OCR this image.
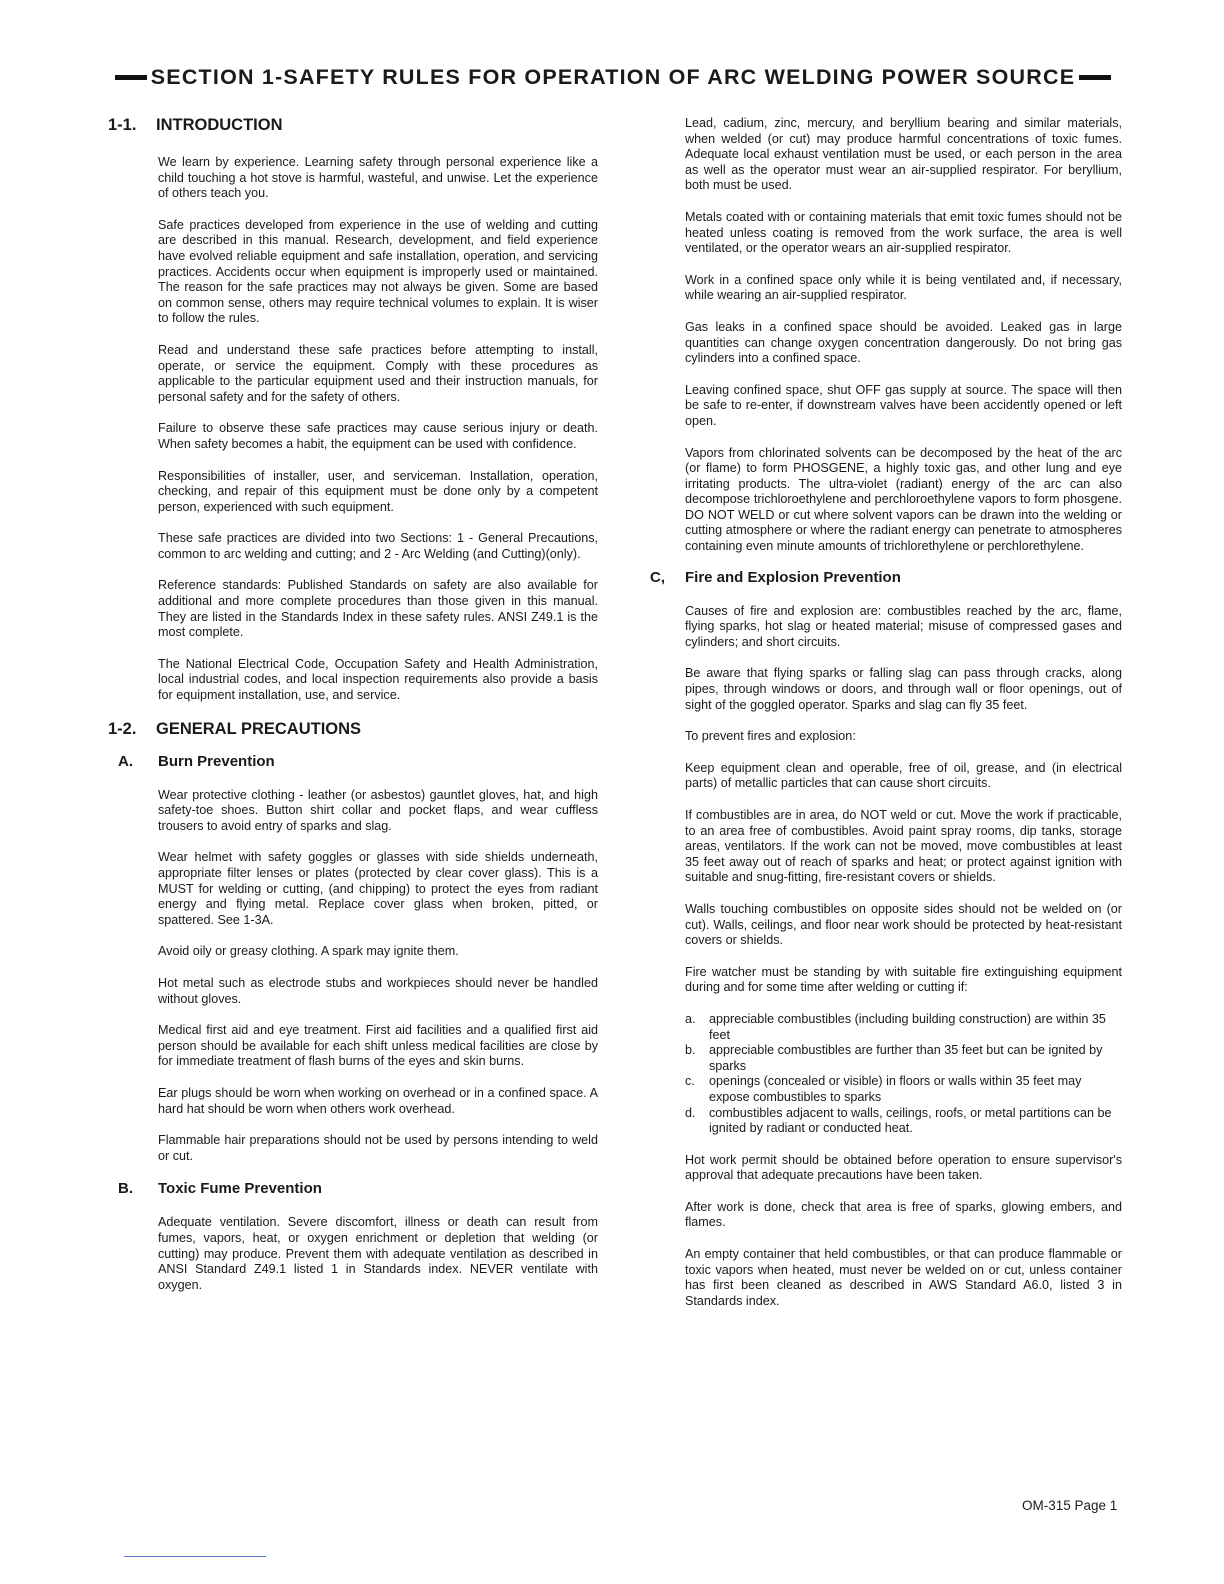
SECTION 1-SAFETY RULES FOR OPERATION OF ARC WELDING POWER SOURCE
1-1.	INTRODUCTION

We learn by experience. Learning safety through personal experience like a child touching a hot stove is harmful, wasteful, and unwise. Let the experience of others teach you.

Safe practices developed from experience in the use of welding and cutting are described in this manual. Research, development, and field experience have evolved reliable equipment and safe installation, operation, and servicing practices. Accidents occur when equipment is improperly used or maintained. The reason for the safe practices may not always be given. Some are based on common sense, others may require technical volumes to explain. It is wiser to follow the rules.

Read and understand these safe practices before attempting to install, operate, or service the equipment. Comply with these procedures as applicable to the particular equipment used and their instruction manuals, for personal safety and for the safety of others.

Failure to observe these safe practices may cause serious injury or death. When safety becomes a habit, the equipment can be used with confidence.

Responsibilities of installer, user, and serviceman. Installation, operation, checking, and repair of this equipment must be done only by a competent person, experienced with such equipment.

These safe practices are divided into two Sections: 1 - General Precautions, common to arc welding and cutting; and 2 - Arc Welding (and Cutting)(only).

Reference standards: Published Standards on safety are also available for additional and more complete procedures than those given in this manual. They are listed in the Standards Index in these safety rules. ANSI Z49.1 is the most complete.

The National Electrical Code, Occupation Safety and Health Administration, local industrial codes, and local inspection requirements also provide a basis for equipment installation, use, and service.

1-2.	GENERAL PRECAUTIONS
A.	Burn Prevention

Wear protective clothing - leather (or asbestos) gauntlet gloves, hat, and high safety-toe shoes. Button shirt collar and pocket flaps, and wear cuffless trousers to avoid entry of sparks and slag.

Wear helmet with safety goggles or glasses with side shields underneath, appropriate filter lenses or plates (protected by clear cover glass). This is a MUST for welding or cutting, (and chipping) to protect the eyes from radiant energy and flying metal. Replace cover glass when broken, pitted, or spattered. See 1-3A.

Avoid oily or greasy clothing. A spark may ignite them.

Hot metal such as electrode stubs and workpieces should never be handled without gloves.

Medical first aid and eye treatment. First aid facilities and a qualified first aid person should be available for each shift unless medical facilities are close by for immediate treatment of flash burns of the eyes and skin burns.

Ear plugs should be worn when working on overhead or in a confined space. A hard hat should be worn when others work overhead.

Flammable hair preparations should not be used by persons intending to weld or cut.

B.	Toxic Fume Prevention

Adequate ventilation. Severe discomfort, illness or death can result from fumes, vapors, heat, or oxygen enrichment or depletion that welding (or cutting) may produce. Prevent them with adequate ventilation as described in ANSI Standard Z49.1 listed 1 in Standards index. NEVER ventilate with oxygen.

Lead, cadium, zinc, mercury, and beryllium bearing and similar materials, when welded (or cut) may produce harmful concentrations of toxic fumes. Adequate local exhaust ventilation must be used, or each person in the area as well as the operator must wear an air-supplied respirator. For beryllium, both must be used.

Metals coated with or containing materials that emit toxic fumes should not be heated unless coating is removed from the work surface, the area is well ventilated, or the operator wears an air-supplied respirator.

Work in a confined space only while it is being ventilated and, if necessary, while wearing an air-supplied respirator.

Gas leaks in a confined space should be avoided. Leaked gas in large quantities can change oxygen concentration dangerously. Do not bring gas cylinders into a confined space.

Leaving confined space, shut OFF gas supply at source. The space will then be safe to re-enter, if downstream valves have been accidently opened or left open.

Vapors from chlorinated solvents can be decomposed by the heat of the arc (or flame) to form PHOSGENE, a highly toxic gas, and other lung and eye irritating products. The ultra-violet (radiant) energy of the arc can also decompose trichloroethylene and perchloroethylene vapors to form phosgene. DO NOT WELD or cut where solvent vapors can be drawn into the welding or cutting atmosphere or where the radiant energy can penetrate to atmospheres containing even minute amounts of trichlorethylene or perchlorethylene.

C,	Fire and Explosion Prevention

Causes of fire and explosion are: combustibles reached by the arc, flame, flying sparks, hot slag or heated material; misuse of compressed gases and cylinders; and short circuits.

Be aware that flying sparks or falling slag can pass through cracks, along pipes, through windows or doors, and through wall or floor openings, out of sight of the goggled operator. Sparks and slag can fly 35 feet.

To prevent fires and explosion:

Keep equipment clean and operable, free of oil, grease, and (in electrical parts) of metallic particles that can cause short circuits.

If combustibles are in area, do NOT weld or cut. Move the work if practicable, to an area free of combustibles. Avoid paint spray rooms, dip tanks, storage areas, ventilators. If the work can not be moved, move combustibles at least 35 feet away out of reach of sparks and heat; or protect against ignition with suitable and snug-fitting, fire-resistant covers or shields.

Walls touching combustibles on opposite sides should not be welded on (or cut). Walls, ceilings, and floor near work should be protected by heat-resistant covers or shields.

Fire watcher must be standing by with suitable fire extinguishing equipment during and for some time after welding or cutting if:

a.	appreciable combustibles (including building construction) are within 35 feet
b.	appreciable combustibles are further than 35 feet but can be ignited by sparks
c.	openings (concealed or visible) in floors or walls within 35 feet may expose combustibles to sparks
d.	combustibles adjacent to walls, ceilings, roofs, or metal partitions can be ignited by radiant or conducted heat.

Hot work permit should be obtained before operation to ensure supervisor's approval that adequate precautions have been taken.

After work is done, check that area is free of sparks, glowing embers, and flames.

An empty container that held combustibles, or that can produce flammable or toxic vapors when heated, must never be welded on or cut, unless container has first been cleaned as described in AWS Standard A6.0, listed 3 in Standards index.

OM-315 Page 1
